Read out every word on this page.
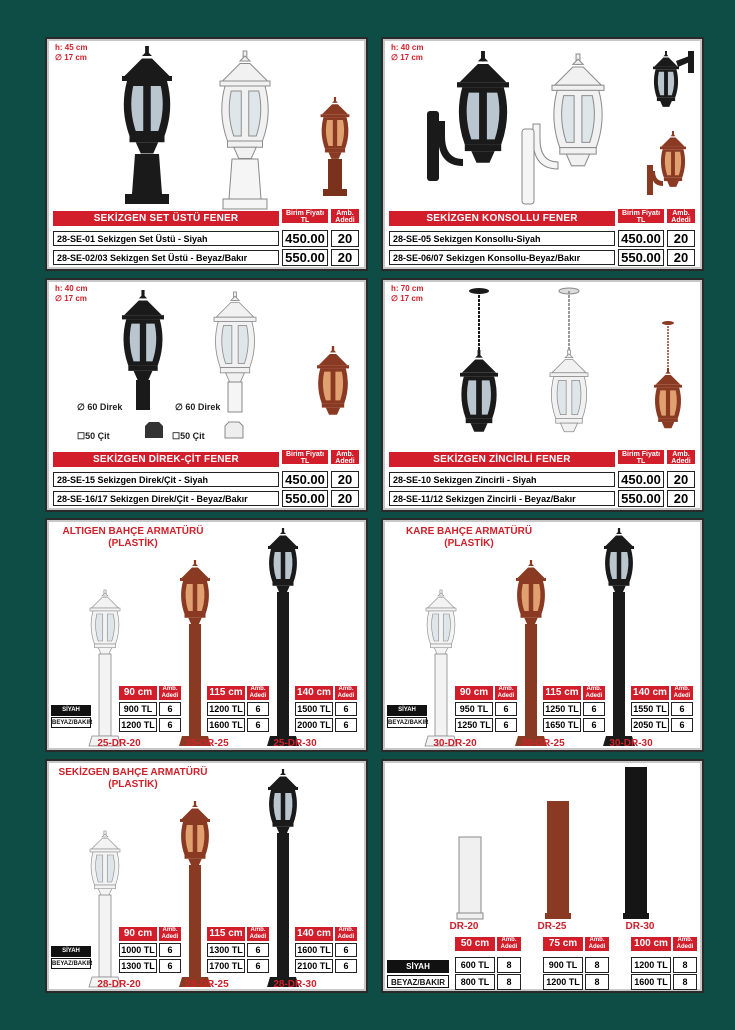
h: 45 cm
∅ 17 cm
SEKİZGEN SET ÜSTÜ FENER	Birim Fiyatı TL
Amb. Adedi
28-SE-01 Sekizgen Set Üstü - Siyah	450.00 20
28-SE-02/03 Sekizgen Set Üstü - Beyaz/Bakır	550.00 20
h: 40 cm
∅ 17 cm
SEKİZGEN KONSOLLU FENER	Birim Fiyatı TL
Amb. Adedi
28-SE-05 Sekizgen Konsollu-Siyah	450.00 20
28-SE-06/07 Sekizgen Konsollu-Beyaz/Bakır	550.00 20
h: 40 cm
∅ 17 cm
∅ 60 Direk	∅ 60 Direk
☐50 Çit	☐50 Çit
SEKİZGEN DİREK-ÇİT FENER	Birim Fiyatı TL
Amb. Adedi
28-SE-15 Sekizgen Direk/Çit - Siyah	450.00 20
28-SE-16/17 Sekizgen Direk/Çit - Beyaz/Bakır	550.00 20
h: 70 cm
∅ 17 cm
SEKİZGEN ZİNCİRLİ FENER	Birim Fiyatı TL
Amb. Adedi
28-SE-10 Sekizgen Zincirli - Siyah	450.00 20
28-SE-11/12 Sekizgen Zincirli - Beyaz/Bakır	550.00 20
ALTIGEN BAHÇE ARMATÜRÜ
(PLASTİK)
SİYAH
BEYAZ/BAKIR
90 cm	Amb. Adedi
900 TL	6
1200 TL	6
25-DR-20
115 cm	Amb. Adedi
1200 TL	6
1600 TL	6
25-DR-25
140 cm	Amb. Adedi
1500 TL	6
2000 TL	6
25-DR-30
KARE BAHÇE ARMATÜRÜ
(PLASTİK)
SİYAH
BEYAZ/BAKIR
90 cm	Amb. Adedi
950 TL	6
1250 TL	6
30-DR-20
115 cm	Amb. Adedi
1250 TL	6
1650 TL	6
30-DR-25
140 cm	Amb. Adedi
1550 TL	6
2050 TL	6
30-DR-30
SEKİZGEN BAHÇE ARMATÜRÜ
(PLASTİK)
SİYAH
BEYAZ/BAKIR
90 cm	Amb. Adedi
1000 TL	6
1300 TL	6
28-DR-20
115 cm	Amb. Adedi
1300 TL	6
1700 TL	6
28-DR-25
140 cm	Amb. Adedi
1600 TL	6
2100 TL	6
28-DR-30
SİYAH
BEYAZ/BAKIR
DR-20
50 cm	Amb. Adedi
600 TL	8
800 TL	8
DR-25
75 cm	Amb. Adedi
900 TL	8
1200 TL	8
DR-30
100 cm	Amb. Adedi
1200 TL	8
1600 TL	8
